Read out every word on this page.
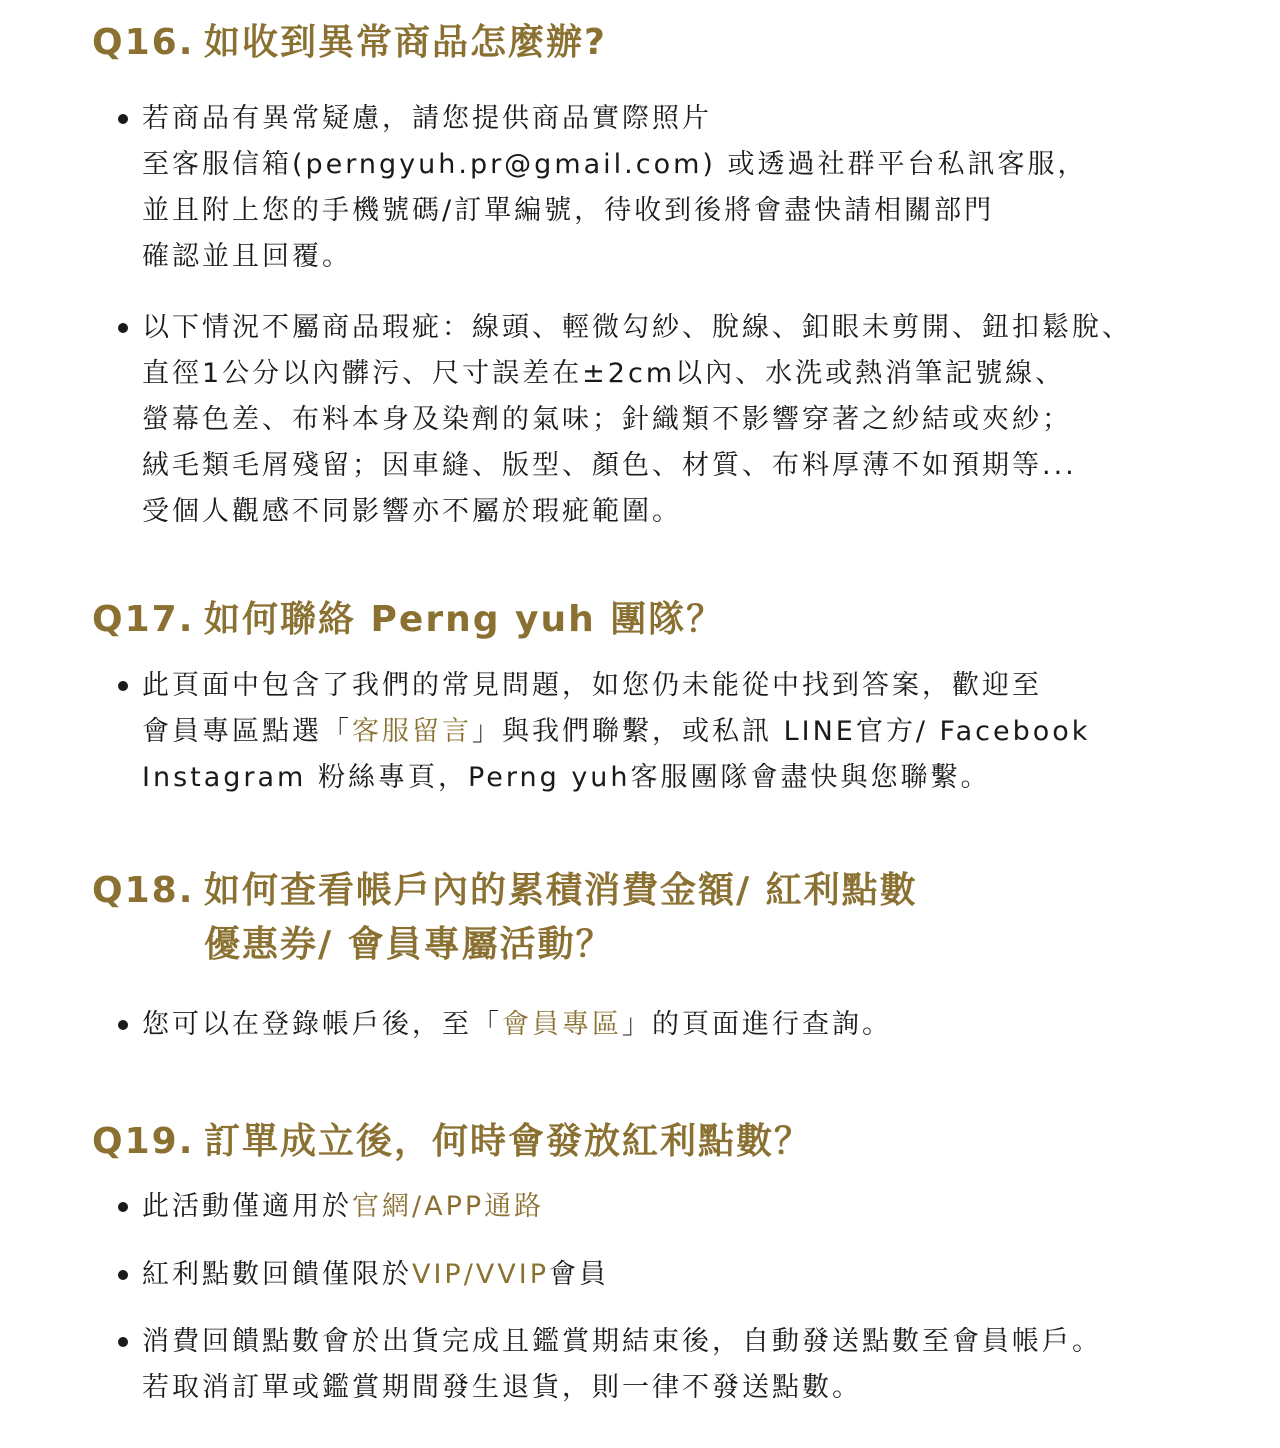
Q16. 如收到異常商品怎麼辦?
若商品有異常疑慮，請您提供商品實際照片
至客服信箱(perngyuh.pr@gmail.com) 或透過社群平台私訊客服，
並且附上您的手機號碼/訂單編號，待收到後將會盡快請相關部門
確認並且回覆。
以下情況不屬商品瑕疵：線頭、輕微勾紗、脫線、釦眼未剪開、鈕扣鬆脫、
直徑1公分以內髒污、尺寸誤差在±2cm以內、水洗或熱消筆記號線、
螢幕色差、布料本身及染劑的氣味；針織類不影響穿著之紗結或夾紗；
絨毛類毛屑殘留；因車縫、版型、顏色、材質、布料厚薄不如預期等...
受個人觀感不同影響亦不屬於瑕疵範圍。
Q17. 如何聯絡 Perng yuh 團隊？
此頁面中包含了我們的常見問題，如您仍未能從中找到答案，歡迎至
會員專區點選「客服留言」與我們聯繫，或私訊 LINE官方/ Facebook
Instagram 粉絲專頁，Perng yuh客服團隊會盡快與您聯繫。
Q18. 如何查看帳戶內的累積消費金額/ 紅利點數
優惠券/ 會員專屬活動？
您可以在登錄帳戶後，至「會員專區」的頁面進行查詢。
Q19. 訂單成立後，何時會發放紅利點數？
此活動僅適用於官網/APP通路
紅利點數回饋僅限於VIP/VVIP會員
消費回饋點數會於出貨完成且鑑賞期結束後，自動發送點數至會員帳戶。
若取消訂單或鑑賞期間發生退貨，則一律不發送點數。
